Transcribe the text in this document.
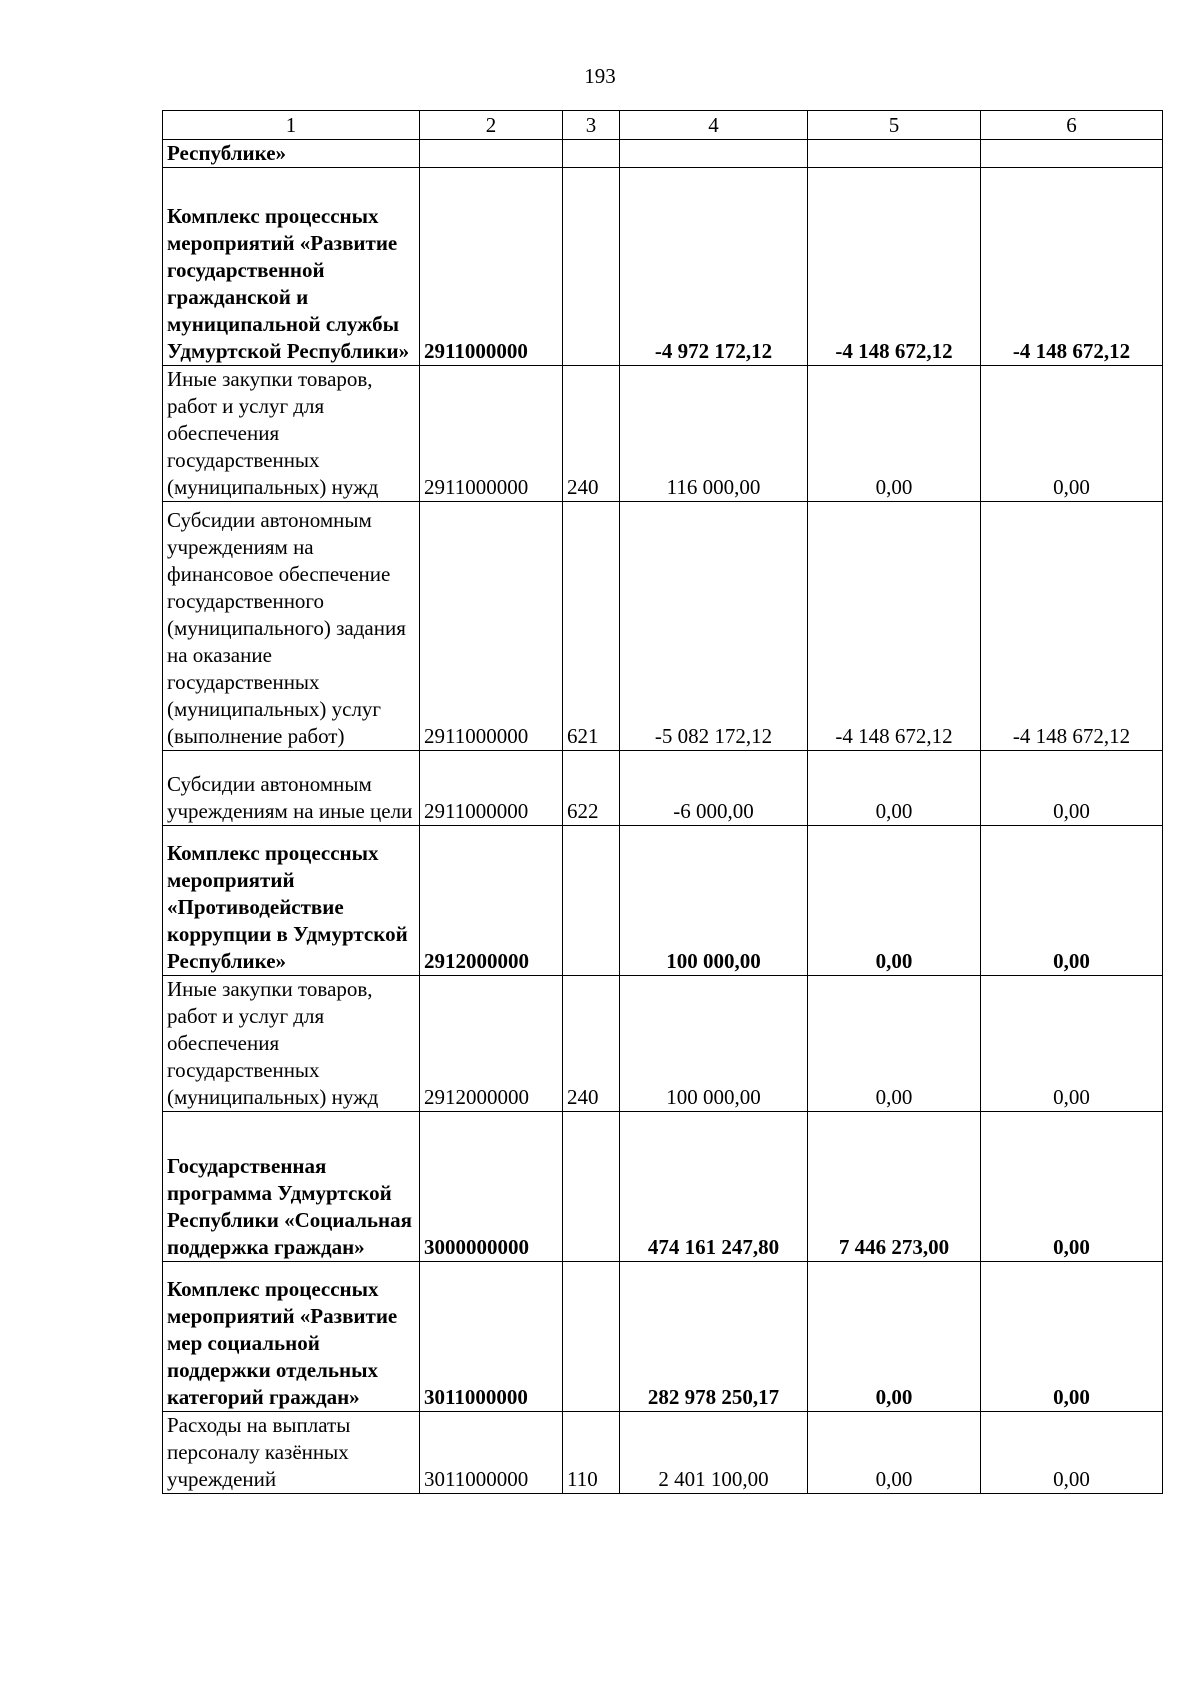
193
1	2	3	4	5	6
Республике»					
Комплекс процессных мероприятий «Развитие государственной гражданской и муниципальной службы Удмуртской Республики»	2911000000		-4 972 172,12	-4 148 672,12	-4 148 672,12
Иные закупки товаров, работ и услуг для обеспечения государственных (муниципальных) нужд	2911000000	240	116 000,00	0,00	0,00
Субсидии автономным учреждениям на финансовое обеспечение государственного (муниципального) задания на оказание государственных (муниципальных) услуг (выполнение работ)	2911000000	621	-5 082 172,12	-4 148 672,12	-4 148 672,12
Субсидии автономным учреждениям на иные цели	2911000000	622	-6 000,00	0,00	0,00
Комплекс процессных мероприятий «Противодействие коррупции в Удмуртской Республике»	2912000000		100 000,00	0,00	0,00
Иные закупки товаров, работ и услуг для обеспечения государственных (муниципальных) нужд	2912000000	240	100 000,00	0,00	0,00
Государственная программа Удмуртской Республики «Социальная поддержка граждан»	3000000000		474 161 247,80	7 446 273,00	0,00
Комплекс процессных мероприятий «Развитие мер социальной поддержки отдельных категорий граждан»	3011000000		282 978 250,17	0,00	0,00
Расходы на выплаты персоналу казённых учреждений	3011000000	110	2 401 100,00	0,00	0,00
